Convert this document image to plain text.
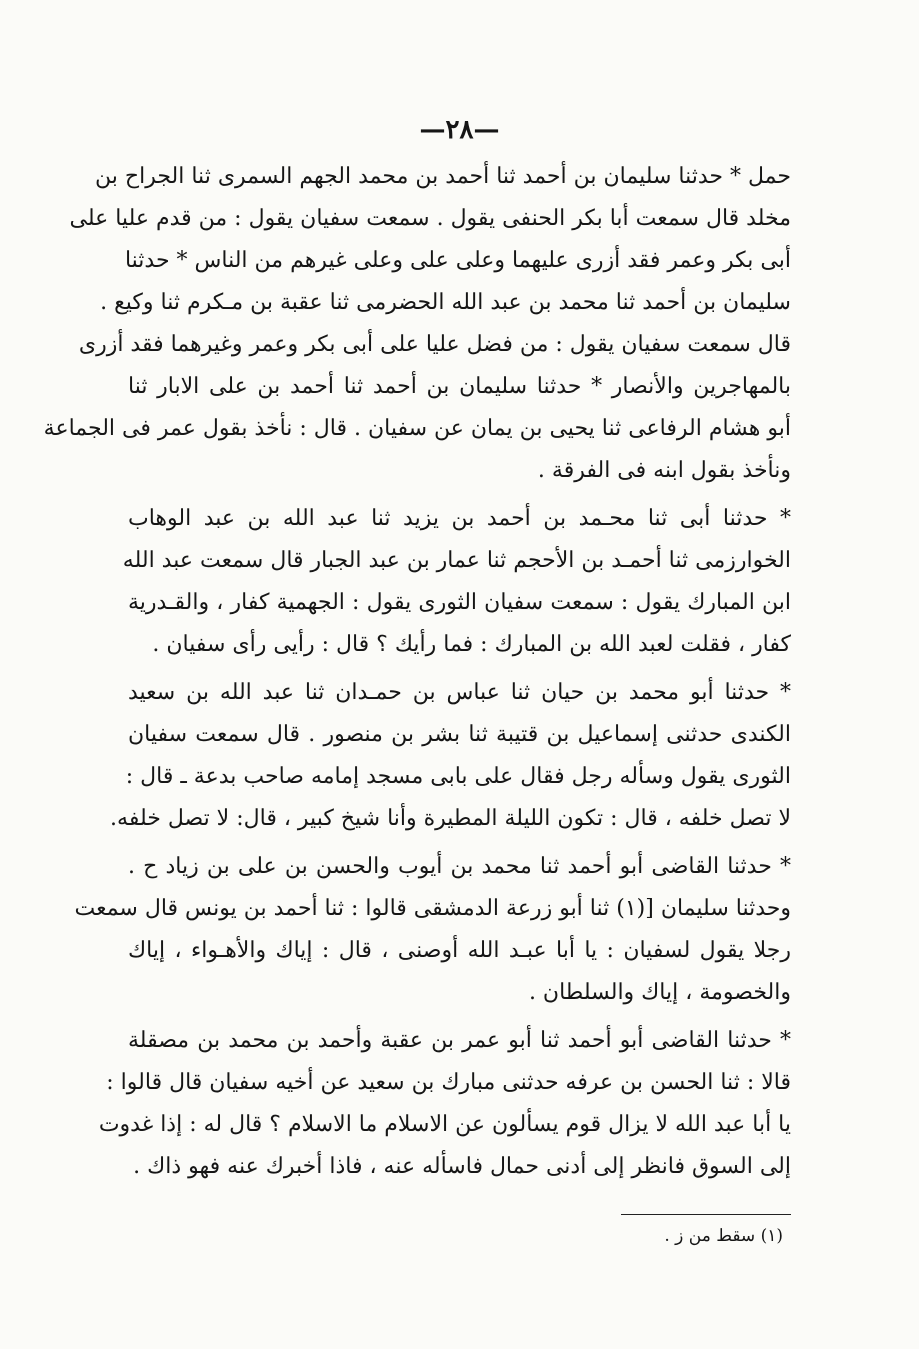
—٢٨—
حمل * حدثنا سليمان بن أحمد ثنا أحمد بن محمد الجهم السمرى ثنا الجراح بن
مخلد قال سمعت أبا بكر الحنفى يقول . سمعت سفيان يقول : من قدم عليا على
أبى بكر وعمر فقد أزرى عليهما وعلى على وعلى غيرهم من الناس * حدثنا
سليمان بن أحمد ثنا محمد بن عبد الله الحضرمى ثنا عقبة بن مـكرم ثنا وكيع .
قال سمعت سفيان يقول : من فضل عليا على أبى بكر وعمر وغيرهما فقد أزرى
بالمهاجرين والأنصار * حدثنا سليمان بن أحمد ثنا أحمد بن على الابار ثنا
أبو هشام الرفاعى ثنا يحيى بن يمان عن سفيان . قال : نأخذ بقول عمر فى الجماعة
ونأخذ بقول ابنه فى الفرقة .
* حدثنا أبى ثنا محـمد بن أحمد بن يزيد ثنا عبد الله بن عبد الوهاب
الخوارزمى ثنا أحمـد بن الأحجم ثنا عمار بن عبد الجبار قال سمعت عبد الله
ابن المبارك يقول : سمعت سفيان الثورى يقول : الجهمية كفار ، والقـدرية
كفار ، فقلت لعبد الله بن المبارك : فما رأيك ؟ قال : رأيى رأى سفيان .
* حدثنا أبو محمد بن حيان ثنا عباس بن حمـدان ثنا عبد الله بن سعيد
الكندى حدثنى إسماعيل بن قتيبة ثنا بشر بن منصور . قال سمعت سفيان
الثورى يقول وسأله رجل فقال على بابى مسجد إمامه صاحب بدعة ـ قال :
لا تصل خلفه ، قال : تكون الليلة المطيرة وأنا شيخ كبير ، قال: لا تصل خلفه.
* حدثنا القاضى أبو أحمد ثنا محمد بن أيوب والحسن بن على بن زياد ح .
وحدثنا سليمان [(١) ثنا أبو زرعة الدمشقى قالوا : ثنا أحمد بن يونس قال سمعت
رجلا يقول لسفيان : يا أبا عبـد الله أوصنى ، قال : إياك والأهـواء ، إياك
والخصومة ، إياك والسلطان .
* حدثنا القاضى أبو أحمد ثنا أبو عمر بن عقبة وأحمد بن محمد بن مصقلة
قالا : ثنا الحسن بن عرفه حدثنى مبارك بن سعيد عن أخيه سفيان قال قالوا :
يا أبا عبد الله لا يزال قوم يسألون عن الاسلام ما الاسلام ؟ قال له : إذا غدوت
إلى السوق فانظر إلى أدنى حمال فاسأله عنه ، فاذا أخبرك عنه فهو ذاك .
(١) سقط من ز .
